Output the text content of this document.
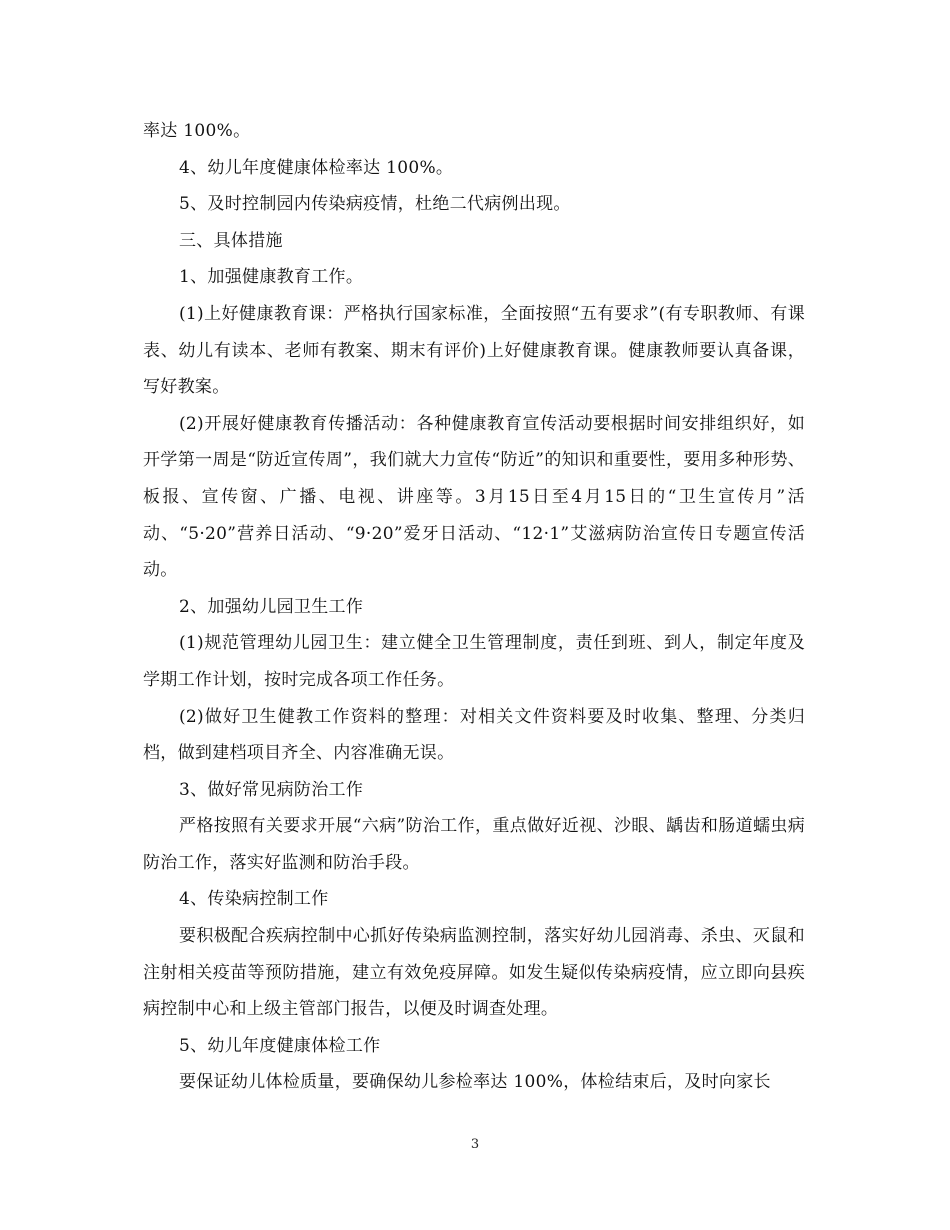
率达 100%。

4、幼儿年度健康体检率达 100%。

5、及时控制园内传染病疫情，杜绝二代病例出现。

三、具体措施

1、加强健康教育工作。

(1)上好健康教育课：严格执行国家标准，全面按照“五有要求”(有专职教师、有课表、幼儿有读本、老师有教案、期末有评价)上好健康教育课。健康教师要认真备课，写好教案。

(2)开展好健康教育传播活动：各种健康教育宣传活动要根据时间安排组织好，如开学第一周是“防近宣传周”，我们就大力宣传“防近”的知识和重要性，要用多种形势、板报、宣传窗、广播、电视、讲座等。3月15日至4月15日的“卫生宣传月”活动、“5·20”营养日活动、“9·20”爱牙日活动、“12·1”艾滋病防治宣传日专题宣传活动。

2、加强幼儿园卫生工作

(1)规范管理幼儿园卫生：建立健全卫生管理制度，责任到班、到人，制定年度及学期工作计划，按时完成各项工作任务。

(2)做好卫生健教工作资料的整理：对相关文件资料要及时收集、整理、分类归档，做到建档项目齐全、内容准确无误。

3、做好常见病防治工作

严格按照有关要求开展“六病”防治工作，重点做好近视、沙眼、龋齿和肠道蠕虫病防治工作，落实好监测和防治手段。

4、传染病控制工作

要积极配合疾病控制中心抓好传染病监测控制，落实好幼儿园消毒、杀虫、灭鼠和注射相关疫苗等预防措施，建立有效免疫屏障。如发生疑似传染病疫情，应立即向县疾病控制中心和上级主管部门报告，以便及时调查处理。

5、幼儿年度健康体检工作

要保证幼儿体检质量，要确保幼儿参检率达 100%，体检结束后，及时向家长

3
